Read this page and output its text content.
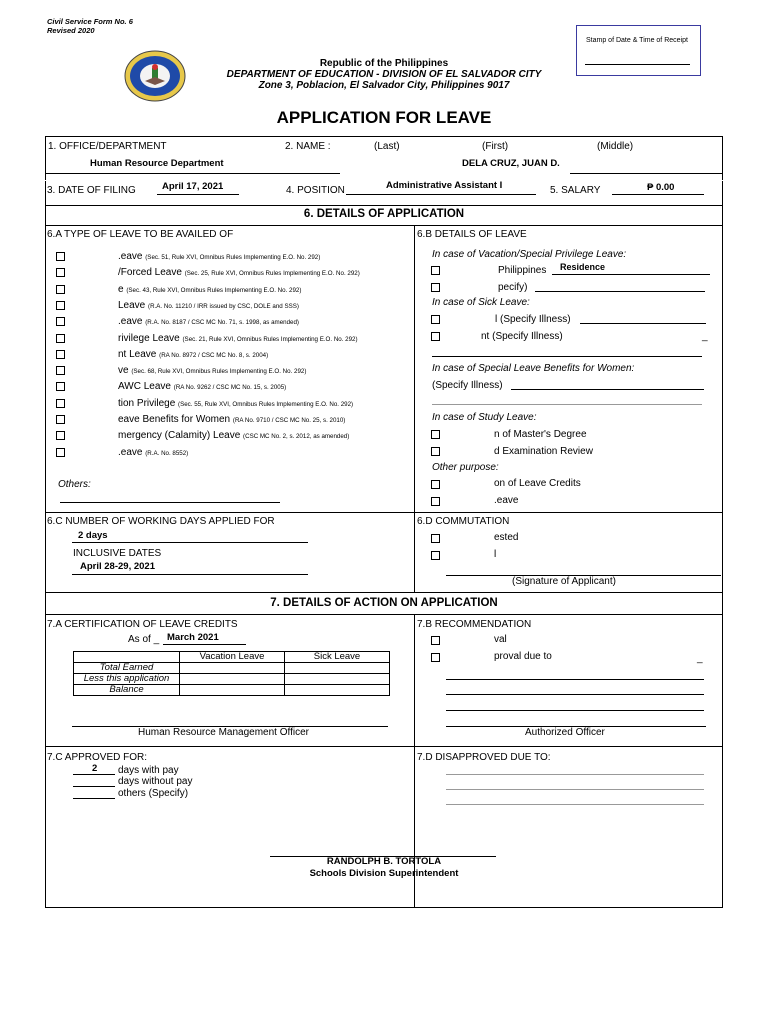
Civil Service Form No. 6
Revised 2020
Stamp of Date & Time of Receipt
Republic of the Philippines
DEPARTMENT OF EDUCATION - DIVISION OF EL SALVADOR CITY
Zone 3, Poblacion, El Salvador City, Philippines 9017
APPLICATION FOR LEAVE
1. OFFICE/DEPARTMENT
Human Resource Department
2. NAME :	(Last)	(First)	(Middle)
DELA CRUZ, JUAN D.
3. DATE OF FILING	April 17, 2021	4. POSITION	Administrative Assistant I	5. SALARY	₱ 0.00
6. DETAILS OF APPLICATION
6.A TYPE OF LEAVE TO BE AVAILED OF
.eave (Sec. 51, Rule XVI, Omnibus Rules Implementing E.O. No. 292)
/Forced Leave (Sec. 25, Rule XVI, Omnibus Rules Implementing E.O. No. 292)
e (Sec. 43, Rule XVI, Omnibus Rules Implementing E.O. No. 292)
Leave (R.A. No. 11210 / IRR issued by CSC, DOLE and SSS)
.eave (R.A. No. 8187 / CSC MC No. 71, s. 1998, as amended)
rivilege Leave (Sec. 21, Rule XVI, Omnibus Rules Implementing E.O. No. 292)
nt Leave (RA No. 8972 / CSC MC No. 8, s. 2004)
ve (Sec. 68, Rule XVI, Omnibus Rules Implementing E.O. No. 292)
AWC Leave (RA No. 9262 / CSC MC No. 15, s. 2005)
tion Privilege (Sec. 55, Rule XVI, Omnibus Rules Implementing E.O. No. 292)
eave Benefits for Women (RA No. 9710 / CSC MC No. 25, s. 2010)
mergency (Calamity) Leave (CSC MC No. 2, s. 2012, as amended)
.eave (R.A. No. 8552)
Others:
6.B DETAILS OF LEAVE
In case of Vacation/Special Privilege Leave:
Philippines Residence
pecify)
In case of Sick Leave:
l (Specify Illness)
nt (Specify Illness)	_
In case of Special Leave Benefits for Women:
(Specify Illness)
In case of Study Leave:
n of Master's Degree
d Examination Review
Other purpose:
on of Leave Credits
.eave
6.C NUMBER OF WORKING DAYS APPLIED FOR
2 days
INCLUSIVE DATES
April 28-29, 2021
6.D COMMUTATION
ested
l
(Signature of Applicant)
7. DETAILS OF ACTION ON APPLICATION
7.A CERTIFICATION OF LEAVE CREDITS
As of _ March 2021
	Vacation Leave	Sick Leave
Total Earned		
Less this application		
Balance		
Human Resource Management Officer
7.B RECOMMENDATION
val
proval due to	_
Authorized Officer
7.C APPROVED FOR:
2 days with pay
days without pay
others (Specify)
7.D DISAPPROVED DUE TO:
RANDOLPH B. TORTOLA
Schools Division Superintendent
